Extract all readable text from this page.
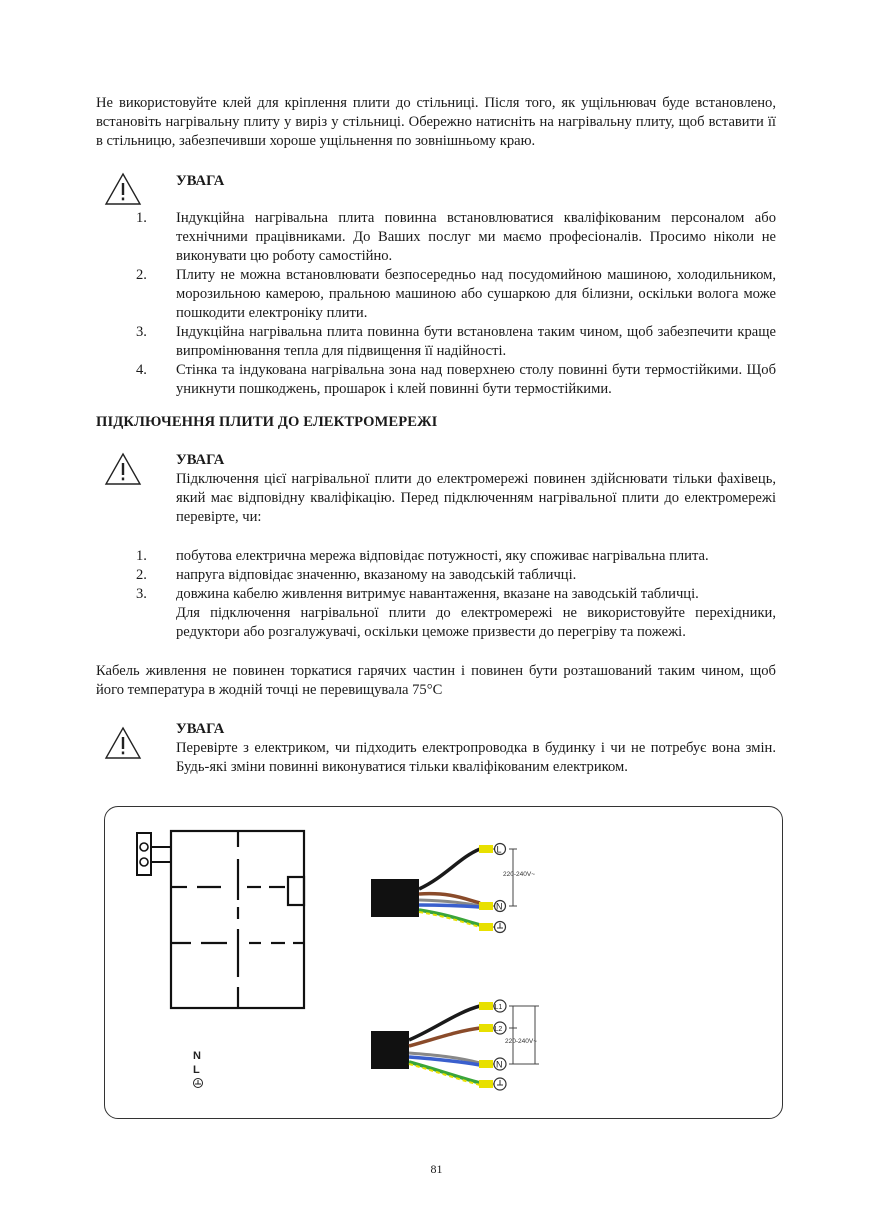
Не використовуйте клей для кріплення плити до стільниці. Після того, як ущільнювач буде встановлено, встановіть нагрівальну плиту у виріз у стільниці. Обережно натисніть на нагрівальну плиту, щоб вставити її в стільницю, забезпечивши хороше ущільнення по зовнішньому краю.
УВАГА
1. Індукційна нагрівальна плита повинна встановлюватися кваліфікованим персоналом або технічними працівниками. До Ваших послуг ми маємо професіоналів. Просимо ніколи не виконувати цю роботу самостійно.
2. Плиту не можна встановлювати безпосередньо над посудомийною машиною, холодильником, морозильною камерою, пральною машиною або сушаркою для білизни, оскільки волога може пошкодити електроніку плити.
3. Індукційна нагрівальна плита повинна бути встановлена таким чином, щоб забезпечити краще випромінювання тепла для підвищення її надійності.
4. Стінка та індукована нагрівальна зона над поверхнею столу повинні бути термостійкими. Щоб уникнути пошкоджень, прошарок і клей повинні бути термостійкими.
ПІДКЛЮЧЕННЯ ПЛИТИ ДО ЕЛЕКТРОМЕРЕЖІ
УВАГА
Підключення цієї нагрівальної плити до електромережі повинен здійснювати тільки фахівець, який має відповідну кваліфікацію. Перед підключенням нагрівальної плити до електромережі перевірте, чи:
1. побутова електрична мережа відповідає потужності, яку споживає нагрівальна плита.
2. напруга відповідає значенню, вказаному на заводській табличці.
3. довжина кабелю живлення витримує навантаження, вказане на заводській табличці.
Для підключення нагрівальної плити до електромережі не використовуйте перехідники, редуктори або розгалужувачі, оскільки цеможе призвести до перегріву та пожежі.
Кабель живлення не повинен торкатися гарячих частин і повинен бути розташований таким чином, щоб його температура в жодній точці не перевищувала 75°C
УВАГА
Перевірте з електриком, чи підходить електропроводка в будинку і чи не потребує вона змін. Будь-які зміни повинні виконуватися тільки кваліфікованим електриком.
N
L
L
N
220-240V~
L1
L2
N
220-240V~
81
